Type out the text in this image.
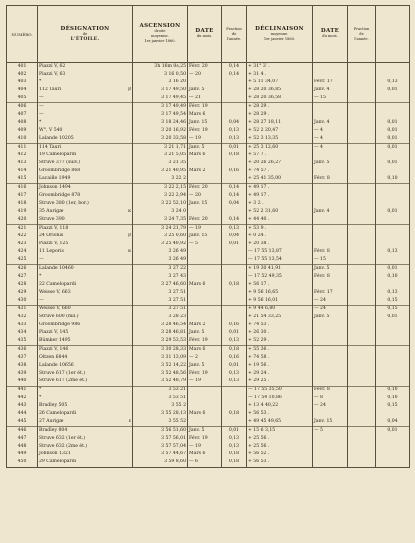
NUMÉRO.	DÉSIGNATION
de
L'ÉTOILE.	ASCENSION
droite
moyenne.
1er janvier 1860.	DATE
du mois.	Fraction
de
l'année.	DÉCLINAISON
moyenne.
1er janvier 1860.	DATE
du mois.	Fraction
de
l'année.	

401	Piazzi V, 62	3h 16m 0s,25	Févr. 20	0,14	+ 31° 3′ .			
402	Piazzi V, 63	3 16 0,50	— 20	0,14	+ 31 4 .			
403	*	3 16 20			+ 5 11 34,07	Févr. 17		0,13
404	112 Tauri β	3 17 49,50	Janv. 5		+ 28 20 36,85	Janv. 4		0,01
405	—	3 17 49,45	— 21		+ 28 20 36,58	— 15		
406	—	3 17 49,49	Févr. 19		+ 28 29 .			
407	—	3 17 49,54	Mars 6		+ 28 29 .			
408	*	3 18 24,46	Janv. 15	0,04	+ 28 27 18,11	Janv. 4		0,01
409	W°, V 540	3 20 16,92	Févr. 19	0,13	+ 52 2 20,47	— 4		0,01
410	Lalande 10205	3 20 33,58	— 19	0,13	+ 52 3 13,35	— 4		0,01
411	114 Tauri	3 21 1,71	Janv. 5	0,01	+ 25 3 12,60	— 4		0,01
412	19 Camelopardi	3 21 5,05	Mars 6	0,18	+ 57 7 .			
413	Struve 377 (suiv.)	3 21 35			+ 20 26 26,27	Janv. 5		0,01
414	Groombridge 868	3 21 40,95	Mars 2	0,16	+ 74 57 .			
415	Lacaille 1949	3 22 2			+ 25 41 35,00	Févr. 8		0,10
416	Johnson 1494	3 22 2,15	Févr. 20	0,14	+ 49 17 .			
417	Groombridge 878	3 22 2,94	— 20	0,14	+ 49 17 .			
418	Struve 380 (1er, bor.)	3 22 52,10	Janv. 15	0,04	+ 3 2 .			
419	35 Aurigæ κ	3 24 0			+ 52 2 31,60	Janv. 4		0,01
420	Struve 390	3 24 7,35	Févr. 20	0,14	+ 44 40 .			
421	Piazzi V, 118	3 24 21,79	— 19	0,13	+ 53 9 .			
422	24 Orionis β	3 25 0,60	Janv. 15	0,04	+ 0 24 .			
423	Piazzi V, 125	3 25 40,92	— 5	0,01	+ 20 38 .			
424	11 Leporis α	3 26 49			— 17 55 13,87	Févr. 8		0,13
425	—	3 26 49			— 17 55 13,54	— 15		
426	Lalande 10460	3 27 22			+ 19 30 41,91	Janv. 5		0,01
427	*	3 27 43			— 17 52 49,35	Févr. 8		0,10
428	22 Camelopardi	3 27 46,60	Mars 6	0,18	+ 56 17 .			
429	Weisse V, 663	3 27 51			+ 9 56 16,65	Févr. 17		0,13
430	—	3 27 51			+ 9 56 16,01	— 24		0,15
431	Weisse V, 660	3 27 51			+ 9 44 6,80	— 24		0,15
432	Struve 600 (mil.)	3 28 23			+ 21 54 33,25	Janv. 5		0,01
433	Groombridge 986	3 28 46,54	Mars 2	0,16	+ 74 53 .			
434	Piazzi V, 145	3 28 46,81	Janv. 5	0,01	+ 26 30 .			
435	Bümker 1495	3 29 53,53	Févr. 19	0,13	+ 52 29 .			
436	Piazzi V, 146	3 30 28,33	Mars 6	0,18	+ 55 36 .			
437	Oltzen 6844	3 31 13,09	— 2	0,16	+ 74 58 .			
438	Lalande 10656	3 52 14,22	Janv. 5	0,01	+ 19 56 .			
439	Struve 617 (1er ét.)	3 52 48,56	Févr. 19	0,13	+ 29 24 .			
440	Struve 617 (2me ét.)	3 52 48,79	— 19	0,13	+ 29 25 .			
441	*	3 53 21			— 17 55 35,50	Févr. 8		0,10
442	*	3 53 51			— 17 54 10,86	— 8		0,10
443	Bradley 505	3 55 2			+ 13 4 40,22	— 24		0,15
444	26 Camelopardi	3 55 28,13	Mars 6	0,18	+ 56 53 .			
445	27 Aurigæ ε	3 55 52			+ 49 45 49,65	Janv. 15		0,04
446	Bradley 804	3 56 51,60	Janv. 5	0,01	+ 15 6 3,15	— 5		0,01
447	Struve 632 (1er ét.)	3 57 56,01	Févr. 19	0,13	+ 25 56 .			
448	Struve 632 (2me ét.)	3 57 57,04	— 19	0,13	+ 25 56 .			
449	Johnson 1321	3 57 44,67	Mars 6	0,18	+ 56 52 .			
450	29 Camelopardi	3 59 8,60	— 6	0,18	+ 56 53 .			
